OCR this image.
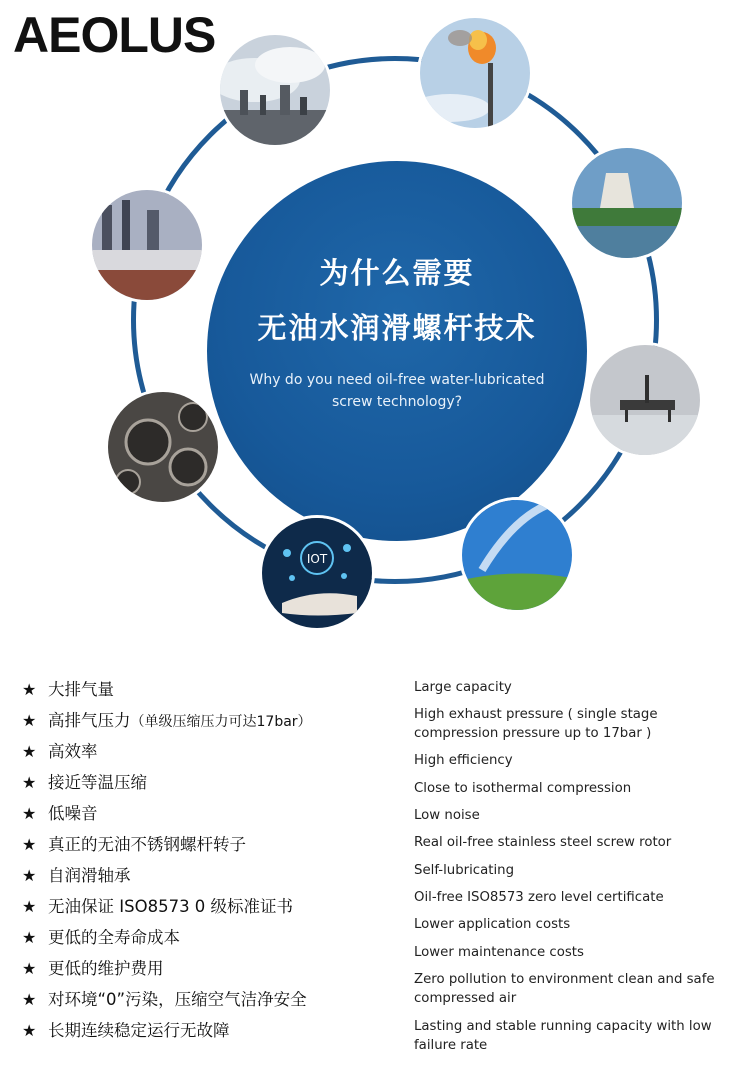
AEOLUS
为什么需要
无油水润滑螺杆技术
Why do you need oil-free water-lubricated
screw technology?
IOT
★ 大排气量
★ 高排气压力（单级压缩压力可达17bar）
★ 高效率
★ 接近等温压缩
★ 低噪音
★ 真正的无油不锈钢螺杆转子
★ 自润滑轴承
★ 无油保证 ISO8573 0 级标准证书
★ 更低的全寿命成本
★ 更低的维护费用
★ 对环境“0”污染，压缩空气洁净安全
★ 长期连续稳定运行无故障
Large capacity
High exhaust pressure ( single stage compression pressure up to 17bar )
High efficiency
Close to isothermal compression
Low noise
Real oil-free stainless steel screw rotor
Self-lubricating
Oil-free ISO8573 zero level certificate
Lower application costs
Lower maintenance costs
Zero pollution to environment clean and safe compressed air
Lasting and stable running capacity with low failure rate
